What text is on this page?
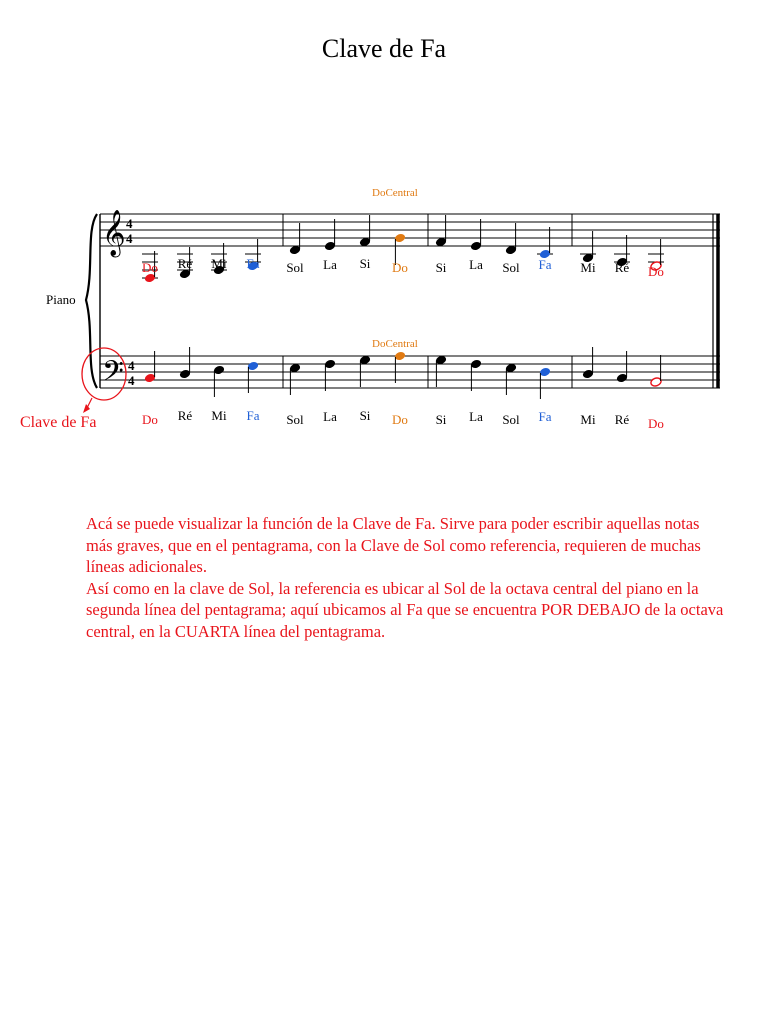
Clave de Fa
Piano
Clave de Fa
𝄞
𝄢
4
4
4
4
DoCentral
DoCentral
Do Ré Mi Fa Sol La Si Do Si La Sol Fa Mi Ré Do
Do Ré Mi Fa Sol La Si Do Si La Sol Fa Mi Ré Do

Acá se puede visualizar la función de la Clave de Fa. Sirve para poder escribir aquellas notas más graves, que en el pentagrama, con la Clave de Sol como referencia, requieren de muchas líneas adicionales.

Así como en la clave de Sol, la referencia es ubicar al Sol de la octava central del piano en la segunda línea del pentagrama; aquí ubicamos al Fa que se encuentra POR DEBAJO de la octava central, en la CUARTA línea del pentagrama.
